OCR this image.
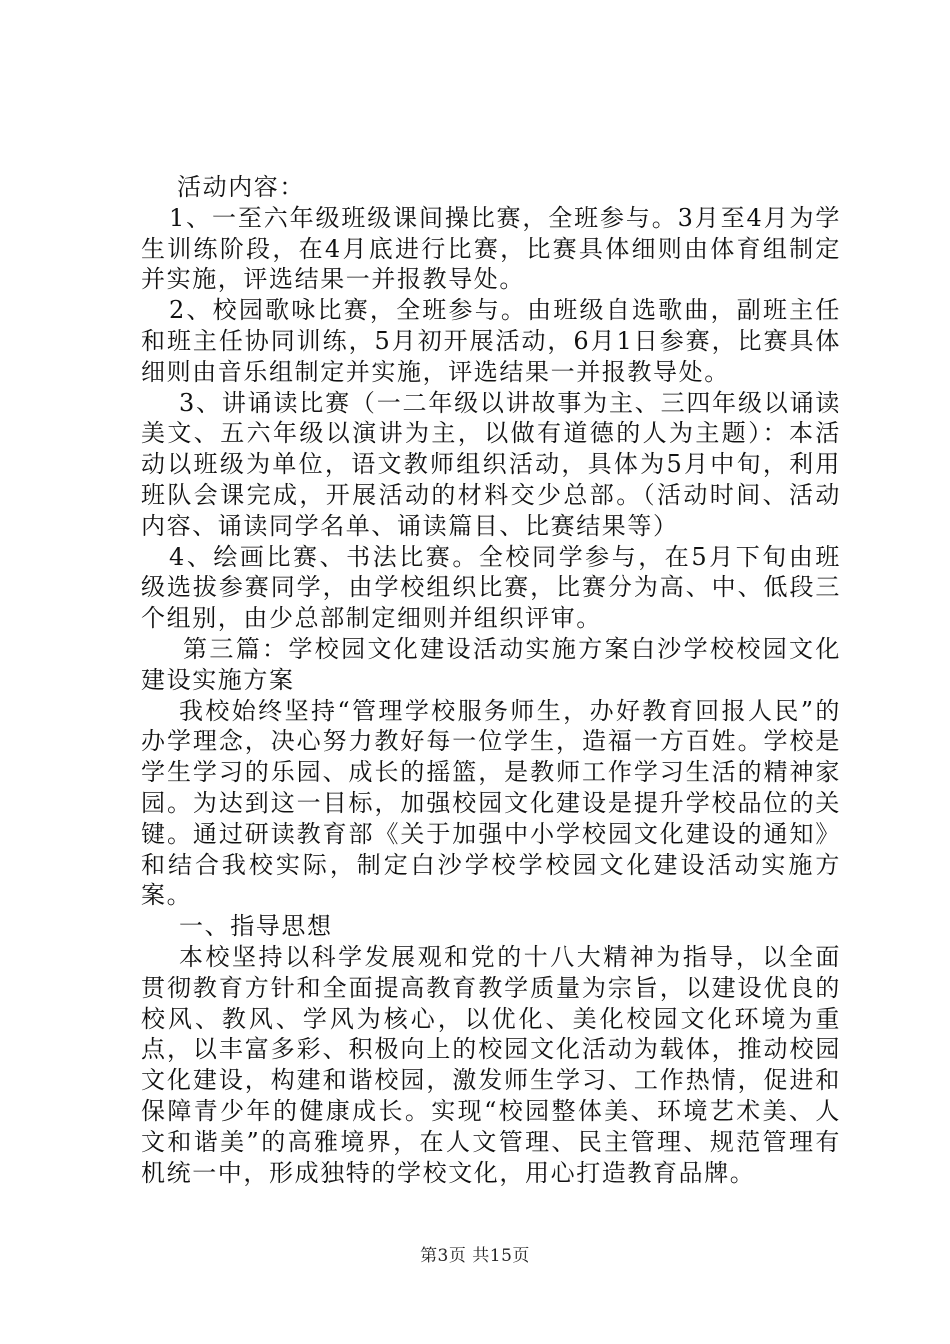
活动内容：

1、一至六年级班级课间操比赛，全班参与。3月至4月为学生训练阶段，在4月底进行比赛，比赛具体细则由体育组制定并实施，评选结果一并报教导处。

2、校园歌咏比赛，全班参与。由班级自选歌曲，副班主任和班主任协同训练，5月初开展活动，6月1日参赛，比赛具体细则由音乐组制定并实施，评选结果一并报教导处。

3、讲诵读比赛（一二年级以讲故事为主、三四年级以诵读美文、五六年级以演讲为主，以做有道德的人为主题）：本活动以班级为单位，语文教师组织活动，具体为5月中旬，利用班队会课完成，开展活动的材料交少总部。（活动时间、活动内容、诵读同学名单、诵读篇目、比赛结果等）

4、绘画比赛、书法比赛。全校同学参与，在5月下旬由班级选拔参赛同学，由学校组织比赛，比赛分为高、中、低段三个组别，由少总部制定细则并组织评审。

第三篇：学校园文化建设活动实施方案白沙学校校园文化建设实施方案

我校始终坚持“管理学校服务师生，办好教育回报人民”的办学理念，决心努力教好每一位学生，造福一方百姓。学校是学生学习的乐园、成长的摇篮，是教师工作学习生活的精神家园。为达到这一目标，加强校园文化建设是提升学校品位的关键。通过研读教育部《关于加强中小学校园文化建设的通知》和结合我校实际，制定白沙学校学校园文化建设活动实施方案。

一、指导思想

本校坚持以科学发展观和党的十八大精神为指导，以全面贯彻教育方针和全面提高教育教学质量为宗旨，以建设优良的校风、教风、学风为核心，以优化、美化校园文化环境为重点，以丰富多彩、积极向上的校园文化活动为载体，推动校园文化建设，构建和谐校园，激发师生学习、工作热情，促进和保障青少年的健康成长。实现“校园整体美、环境艺术美、人文和谐美”的高雅境界，在人文管理、民主管理、规范管理有机统一中，形成独特的学校文化，用心打造教育品牌。

第3页 共15页
